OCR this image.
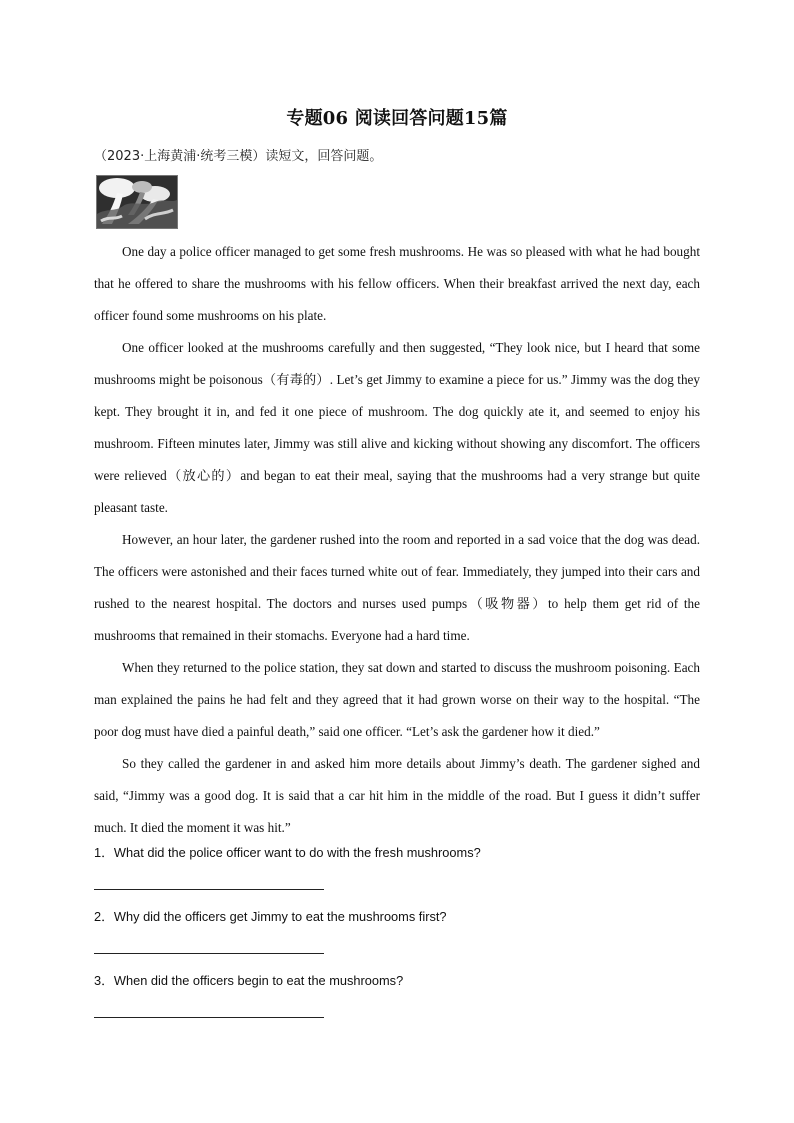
专题06 阅读回答问题15篇
（2023·上海黄浦·统考三模）读短文，回答问题。

One day a police officer managed to get some fresh mushrooms. He was so pleased with what he had bought that he offered to share the mushrooms with his fellow officers. When their breakfast arrived the next day, each officer found some mushrooms on his plate.

One officer looked at the mushrooms carefully and then suggested, “They look nice, but I heard that some mushrooms might be poisonous（有毒的）. Let’s get Jimmy to examine a piece for us.” Jimmy was the dog they kept. They brought it in, and fed it one piece of mushroom. The dog quickly ate it, and seemed to enjoy his mushroom. Fifteen minutes later, Jimmy was still alive and kicking without showing any discomfort. The officers were relieved（放心的）and began to eat their meal, saying that the mushrooms had a very strange but quite pleasant taste.

However, an hour later, the gardener rushed into the room and reported in a sad voice that the dog was dead. The officers were astonished and their faces turned white out of fear. Immediately, they jumped into their cars and rushed to the nearest hospital. The doctors and nurses used pumps（吸物器）to help them get rid of the mushrooms that remained in their stomachs. Everyone had a hard time.

When they returned to the police station, they sat down and started to discuss the mushroom poisoning. Each man explained the pains he had felt and they agreed that it had grown worse on their way to the hospital. “The poor dog must have died a painful death,” said one officer. “Let’s ask the gardener how it died.”

So they called the gardener in and asked him more details about Jimmy’s death. The gardener sighed and said, “Jimmy was a good dog. It is said that a car hit him in the middle of the road. But I guess it didn’t suffer much. It died the moment it was hit.”

1．What did the police officer want to do with the fresh mushrooms?
2．Why did the officers get Jimmy to eat the mushrooms first?
3．When did the officers begin to eat the mushrooms?
